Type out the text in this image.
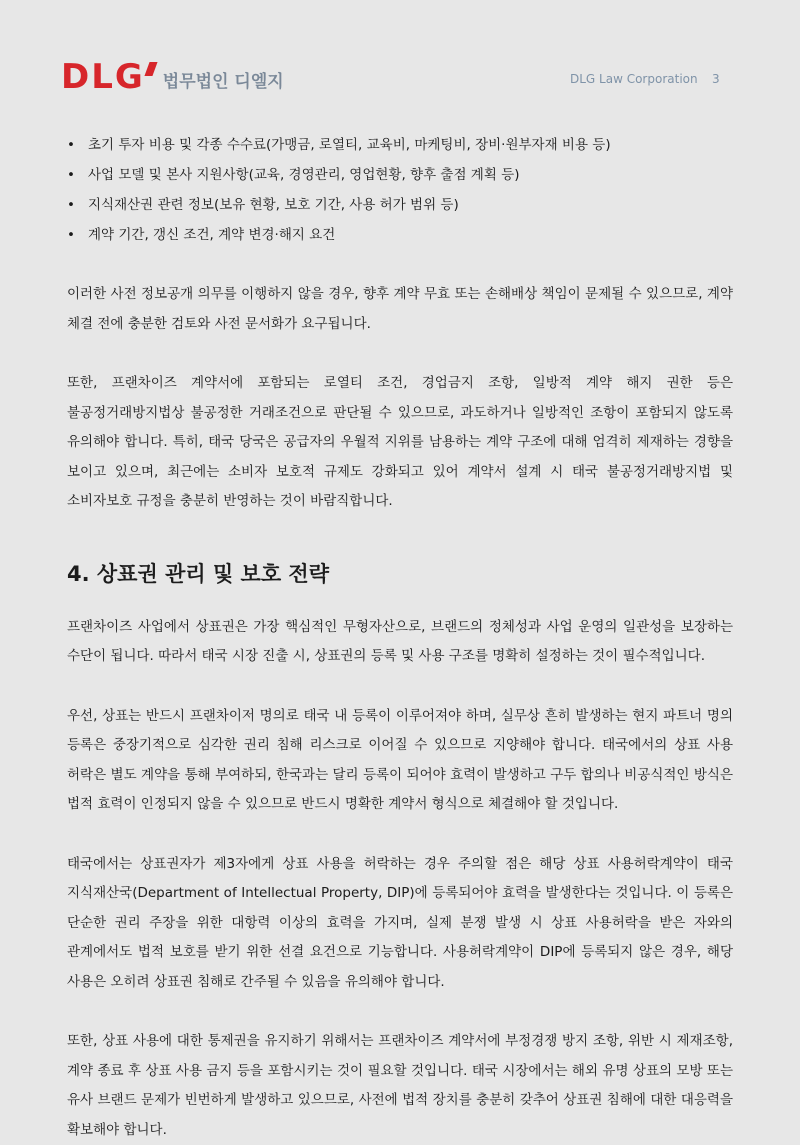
DLG 법무법인 디엘지	DLG Law Corporation 3
• 초기 투자 비용 및 각종 수수료(가맹금, 로열티, 교육비, 마케팅비, 장비·원부자재 비용 등)
• 사업 모델 및 본사 지원사항(교육, 경영관리, 영업현황, 향후 출점 계획 등)
• 지식재산권 관련 정보(보유 현황, 보호 기간, 사용 허가 범위 등)
• 계약 기간, 갱신 조건, 계약 변경·해지 요건

이러한 사전 정보공개 의무를 이행하지 않을 경우, 향후 계약 무효 또는 손해배상 책임이 문제될 수 있으므로, 계약 체결 전에 충분한 검토와 사전 문서화가 요구됩니다.

또한, 프랜차이즈 계약서에 포함되는 로열티 조건, 경업금지 조항, 일방적 계약 해지 권한 등은 불공정거래방지법상 불공정한 거래조건으로 판단될 수 있으므로, 과도하거나 일방적인 조항이 포함되지 않도록 유의해야 합니다. 특히, 태국 당국은 공급자의 우월적 지위를 남용하는 계약 구조에 대해 엄격히 제재하는 경향을 보이고 있으며, 최근에는 소비자 보호적 규제도 강화되고 있어 계약서 설계 시 태국 불공정거래방지법 및 소비자보호 규정을 충분히 반영하는 것이 바람직합니다.

4. 상표권 관리 및 보호 전략

프랜차이즈 사업에서 상표권은 가장 핵심적인 무형자산으로, 브랜드의 정체성과 사업 운영의 일관성을 보장하는 수단이 됩니다. 따라서 태국 시장 진출 시, 상표권의 등록 및 사용 구조를 명확히 설정하는 것이 필수적입니다.

우선, 상표는 반드시 프랜차이저 명의로 태국 내 등록이 이루어져야 하며, 실무상 흔히 발생하는 현지 파트너 명의 등록은 중장기적으로 심각한 권리 침해 리스크로 이어질 수 있으므로 지양해야 합니다. 태국에서의 상표 사용 허락은 별도 계약을 통해 부여하되, 한국과는 달리 등록이 되어야 효력이 발생하고 구두 합의나 비공식적인 방식은 법적 효력이 인정되지 않을 수 있으므로 반드시 명확한 계약서 형식으로 체결해야 할 것입니다.

태국에서는 상표권자가 제3자에게 상표 사용을 허락하는 경우 주의할 점은 해당 상표 사용허락계약이 태국 지식재산국(Department of Intellectual Property, DIP)에 등록되어야 효력을 발생한다는 것입니다. 이 등록은 단순한 권리 주장을 위한 대항력 이상의 효력을 가지며, 실제 분쟁 발생 시 상표 사용허락을 받은 자와의 관계에서도 법적 보호를 받기 위한 선결 요건으로 기능합니다. 사용허락계약이 DIP에 등록되지 않은 경우, 해당 사용은 오히려 상표권 침해로 간주될 수 있음을 유의해야 합니다.

또한, 상표 사용에 대한 통제권을 유지하기 위해서는 프랜차이즈 계약서에 부정경쟁 방지 조항, 위반 시 제재조항, 계약 종료 후 상표 사용 금지 등을 포함시키는 것이 필요할 것입니다. 태국 시장에서는 해외 유명 상표의 모방 또는 유사 브랜드 문제가 빈번하게 발생하고 있으므로, 사전에 법적 장치를 충분히 갖추어 상표권 침해에 대한 대응력을 확보해야 합니다.
